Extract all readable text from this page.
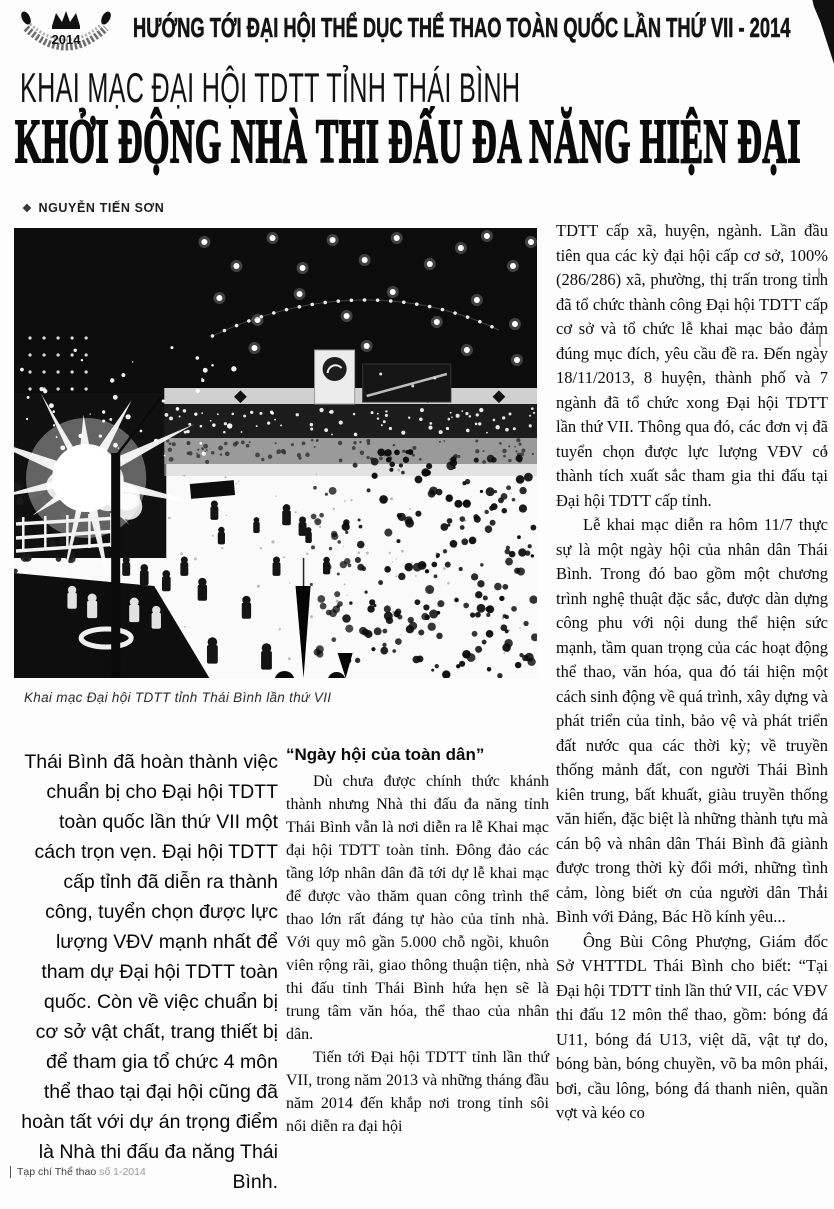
2014 HƯỚNG TỚI ĐẠI HỘI THỂ DỤC THỂ THAO TOÀN QUỐC LẦN THỨ VII - 2014
KHAI MẠC ĐẠI HỘI TDTT TỈNH THÁI BÌNH
KHỞI ĐỘNG NHÀ THI ĐẤU ĐA NĂNG HIỆN ĐẠI
❖ NGUYỄN TIẾN SƠN
Khai mạc Đại hội TDTT tỉnh Thái Bình lần thứ VII
Thái Bình đã hoàn thành việc chuẩn bị cho Đại hội TDTT toàn quốc lần thứ VII một cách trọn vẹn. Đại hội TDTT cấp tỉnh đã diễn ra thành công, tuyển chọn được lực lượng VĐV mạnh nhất để tham dự Đại hội TDTT toàn quốc. Còn về việc chuẩn bị cơ sở vật chất, trang thiết bị để tham gia tổ chức 4 môn thể thao tại đại hội cũng đã hoàn tất với dự án trọng điểm là Nhà thi đấu đa năng Thái Bình.
“Ngày hội của toàn dân”

Dù chưa được chính thức khánh thành nhưng Nhà thi đấu đa năng tỉnh Thái Bình vẫn là nơi diễn ra lễ Khai mạc đại hội TDTT toàn tỉnh. Đông đảo các tầng lớp nhân dân đã tới dự lễ khai mạc để được vào thăm quan công trình thể thao lớn rất đáng tự hào của tỉnh nhà. Với quy mô gần 5.000 chỗ ngồi, khuôn viên rộng rãi, giao thông thuận tiện, nhà thi đấu tỉnh Thái Bình hứa hẹn sẽ là trung tâm văn hóa, thể thao của nhân dân.

Tiến tới Đại hội TDTT tỉnh lần thứ VII, trong năm 2013 và những tháng đầu năm 2014 đến khắp nơi trong tỉnh sôi nổi diễn ra đại hội

TDTT cấp xã, huyện, ngành. Lần đầu tiên qua các kỳ đại hội cấp cơ sở, 100% (286/286) xã, phường, thị trấn trong tỉnh đã tổ chức thành công Đại hội TDTT cấp cơ sở và tổ chức lễ khai mạc bảo đảm đúng mục đích, yêu cầu đề ra. Đến ngày 18/11/2013, 8 huyện, thành phố và 7 ngành đã tổ chức xong Đại hội TDTT lần thứ VII. Thông qua đó, các đơn vị đã tuyển chọn được lực lượng VĐV có thành tích xuất sắc tham gia thi đấu tại Đại hội TDTT cấp tỉnh.

Lễ khai mạc diễn ra hôm 11/7 thực sự là một ngày hội của nhân dân Thái Bình. Trong đó bao gồm một chương trình nghệ thuật đặc sắc, được dàn dựng công phu với nội dung thể hiện sức mạnh, tầm quan trọng của các hoạt động thể thao, văn hóa, qua đó tái hiện một cách sinh động về quá trình, xây dựng và phát triển của tỉnh, bảo vệ và phát triển đất nước qua các thời kỳ; về truyền thống mảnh đất, con người Thái Bình kiên trung, bất khuất, giàu truyền thống văn hiến, đặc biệt là những thành tựu mà cán bộ và nhân dân Thái Bình đã giành được trong thời kỳ đổi mới, những tình cảm, lòng biết ơn của người dân Thái Bình với Đảng, Bác Hồ kính yêu...

Ông Bùi Công Phượng, Giám đốc Sở VHTTDL Thái Bình cho biết: “Tại Đại hội TDTT tỉnh lần thứ VII, các VĐV thi đấu 12 môn thể thao, gồm: bóng đá U11, bóng đá U13, việt dã, vật tự do, bóng bàn, bóng chuyền, võ ba môn phái, bơi, cầu lông, bóng đá thanh niên, quần vợt và kéo co

Tạp chí Thể thao số 1-2014
